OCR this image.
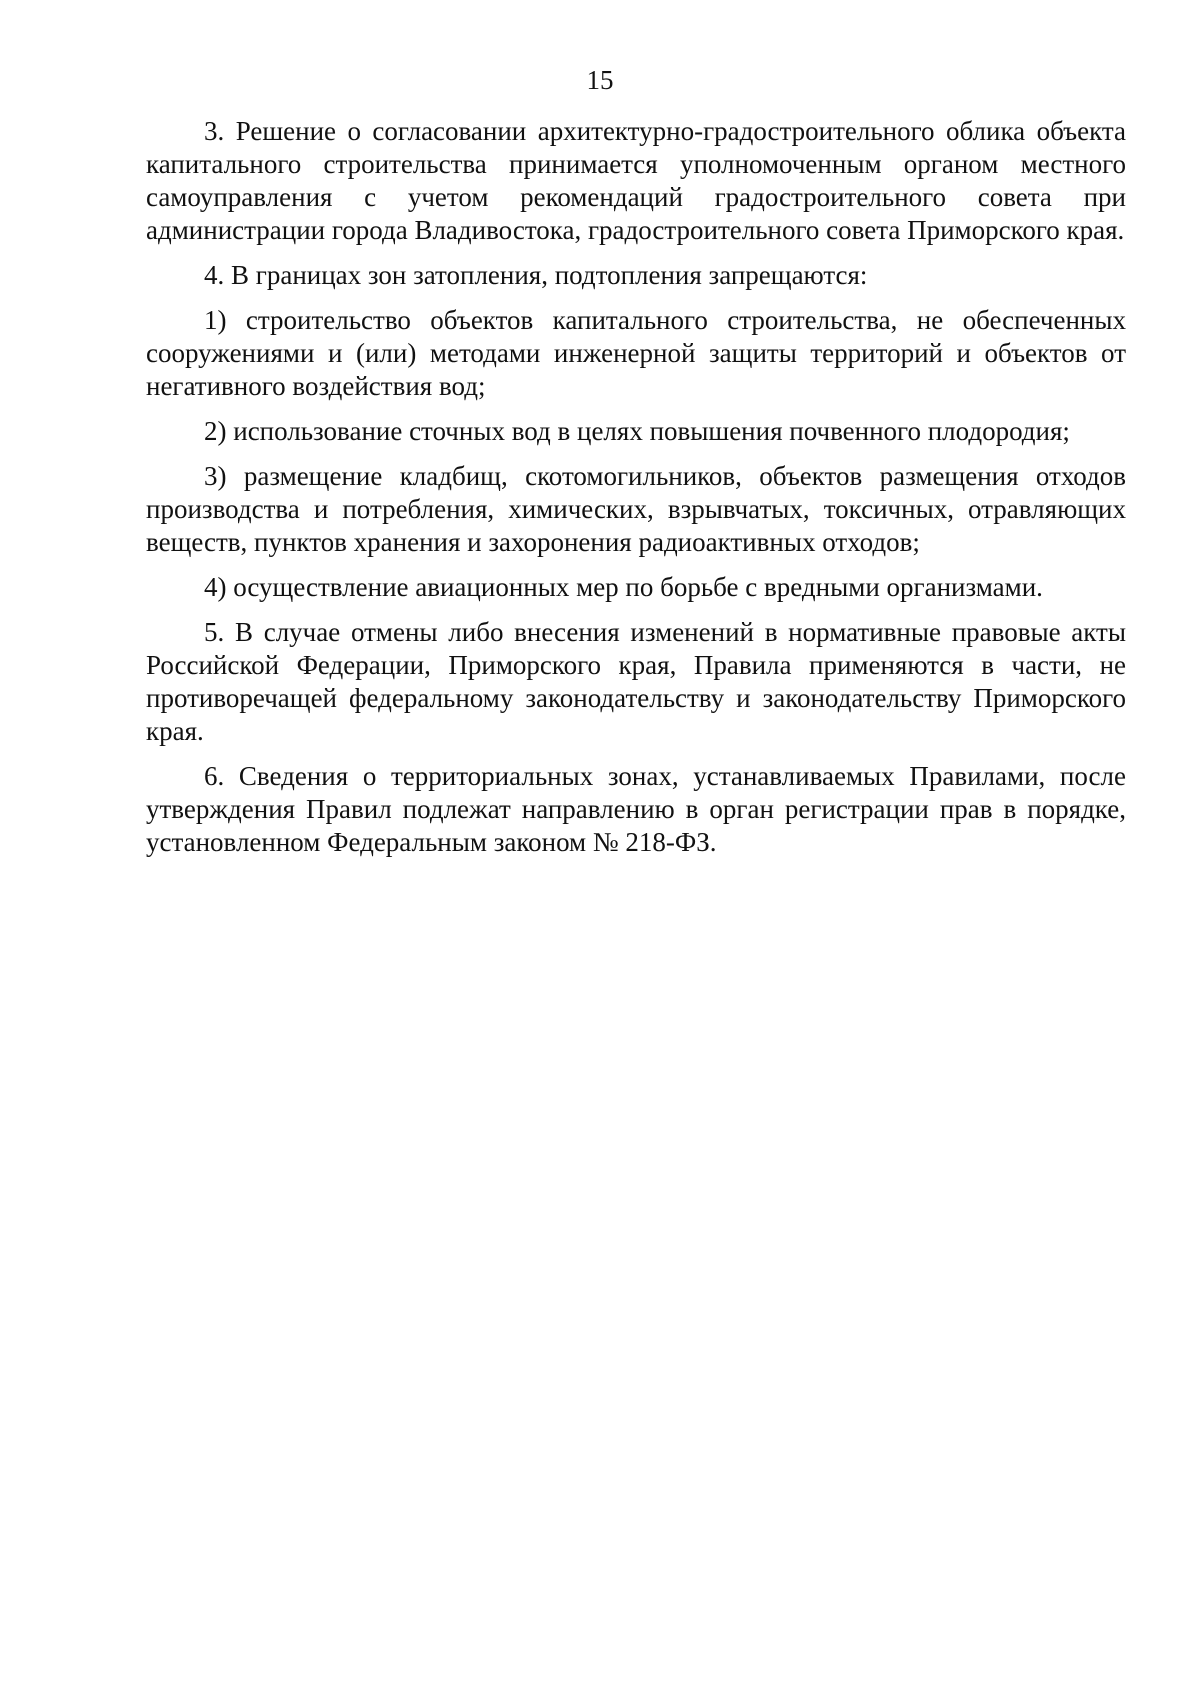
15

3. Решение о согласовании архитектурно-градостроительного облика объекта капитального строительства принимается уполномоченным органом местного самоуправления с учетом рекомендаций градостроительного совета при администрации города Владивостока, градостроительного совета Приморского края.

4. В границах зон затопления, подтопления запрещаются:

1) строительство объектов капитального строительства, не обеспеченных сооружениями и (или) методами инженерной защиты территорий и объектов от негативного воздействия вод;

2) использование сточных вод в целях повышения почвенного плодородия;

3) размещение кладбищ, скотомогильников, объектов размещения отходов производства и потребления, химических, взрывчатых, токсичных, отравляющих веществ, пунктов хранения и захоронения радиоактивных отходов;

4) осуществление авиационных мер по борьбе с вредными организмами.

5. В случае отмены либо внесения изменений в нормативные правовые акты Российской Федерации, Приморского края, Правила применяются в части, не противоречащей федеральному законодательству и законодательству Приморского края.

6. Сведения о территориальных зонах, устанавливаемых Правилами, после утверждения Правил подлежат направлению в орган регистрации прав в порядке, установленном Федеральным законом № 218-ФЗ.
